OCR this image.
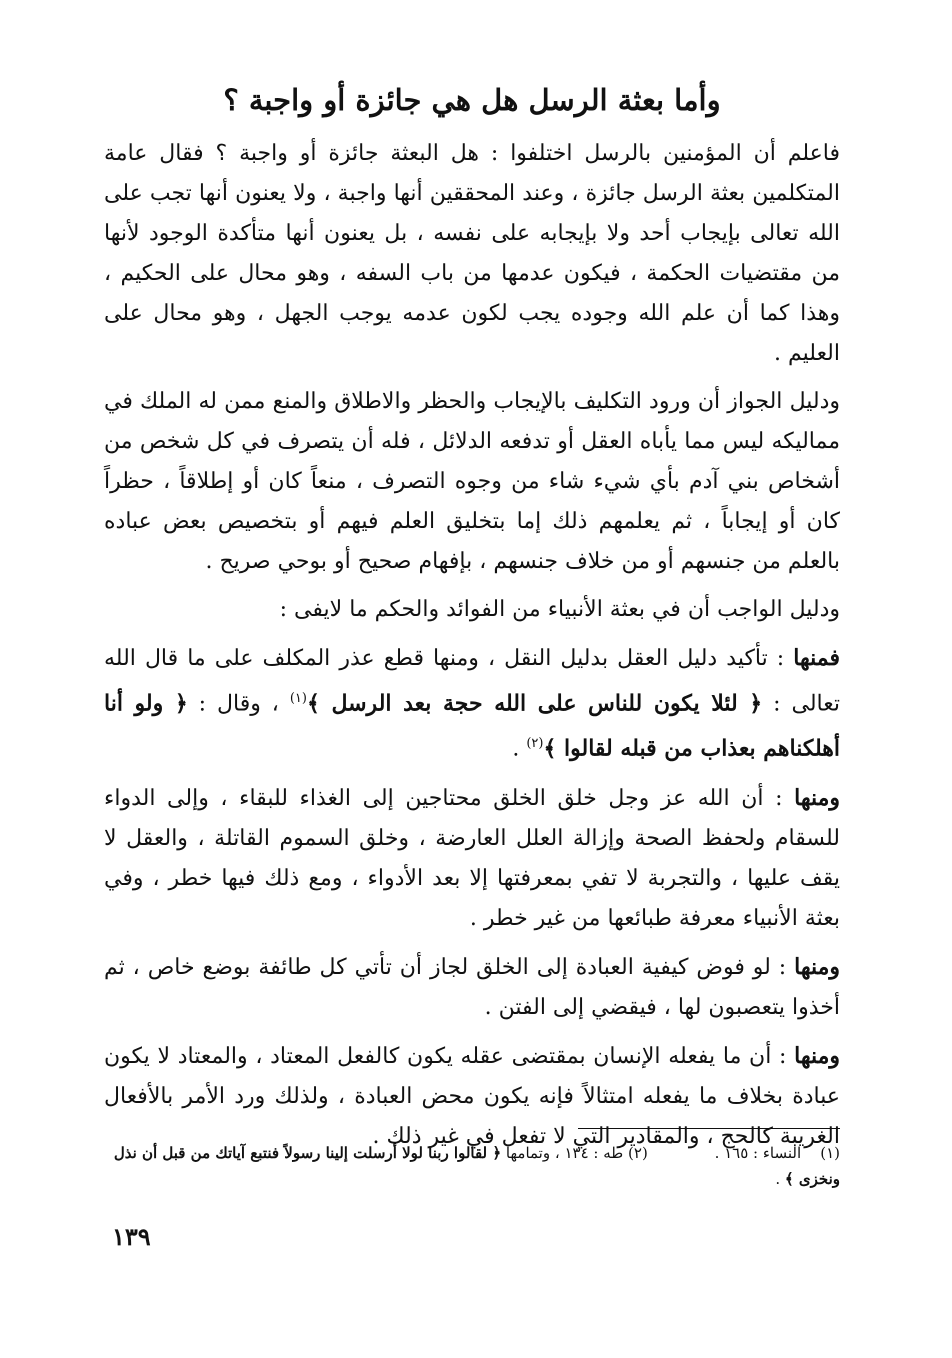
وأما بعثة الرسل هل هي جائزة أو واجبة ؟

فاعلم أن المؤمنين بالرسل اختلفوا : هل البعثة جائزة أو واجبة ؟ فقال عامة المتكلمين بعثة الرسل جائزة ، وعند المحققين أنها واجبة ، ولا يعنون أنها تجب على الله تعالى بإيجاب أحد ولا بإيجابه على نفسه ، بل يعنون أنها متأكدة الوجود لأنها من مقتضيات الحكمة ، فيكون عدمها من باب السفه ، وهو محال على الحكيم ، وهذا كما أن علم الله وجوده يجب لكون عدمه يوجب الجهل ، وهو محال على العليم .

ودليل الجواز أن ورود التكليف بالإيجاب والحظر والاطلاق والمنع ممن له الملك في مماليكه ليس مما يأباه العقل أو تدفعه الدلائل ، فله أن يتصرف في كل شخص من أشخاص بني آدم بأي شيء شاء من وجوه التصرف ، منعاً كان أو إطلاقاً ، حظراً كان أو إيجاباً ، ثم يعلمهم ذلك إما بتخليق العلم فيهم أو بتخصيص بعض عباده بالعلم من جنسهم أو من خلاف جنسهم ، بإفهام صحيح أو بوحي صريح .

ودليل الواجب أن في بعثة الأنبياء من الفوائد والحكم ما لايفى :

فمنها : تأكيد دليل العقل بدليل النقل ، ومنها قطع عذر المكلف على ما قال الله تعالى : ﴿ لئلا يكون للناس على الله حجة بعد الرسل ﴾$^{(١)}$ ، وقال : ﴿ ولو أنا أهلكناهم بعذاب من قبله لقالوا ﴾$^{(٢)}$ .

ومنها : أن الله عز وجل خلق الخلق محتاجين إلى الغذاء للبقاء ، وإلى الدواء للسقام ولحفظ الصحة وإزالة العلل العارضة ، وخلق السموم القاتلة ، والعقل لا يقف عليها ، والتجربة لا تفي بمعرفتها إلا بعد الأدواء ، ومع ذلك فيها خطر ، وفي بعثة الأنبياء معرفة طبائعها من غير خطر .

ومنها : لو فوض كيفية العبادة إلى الخلق لجاز أن تأتي كل طائفة بوضع خاص ، ثم أخذوا يتعصبون لها ، فيقضي إلى الفتن .

ومنها : أن ما يفعله الإنسان بمقتضى عقله يكون كالفعل المعتاد ، والمعتاد لا يكون عبادة بخلاف ما يفعله امتثالاً فإنه يكون محض العبادة ، ولذلك ورد الأمر بالأفعال الغريبة كالحج ، والمقادير التي لا تفعل في غير ذلك .

(١)    النساء : ١٦٥ .              (٢) طه : ١٣٤ ، وتمامها ﴿ لقالوا ربنا لولا أرسلت إلينا رسولاً فنتبع آياتك من قبل أن نذل ونخزى ﴾ .
١٣٩
